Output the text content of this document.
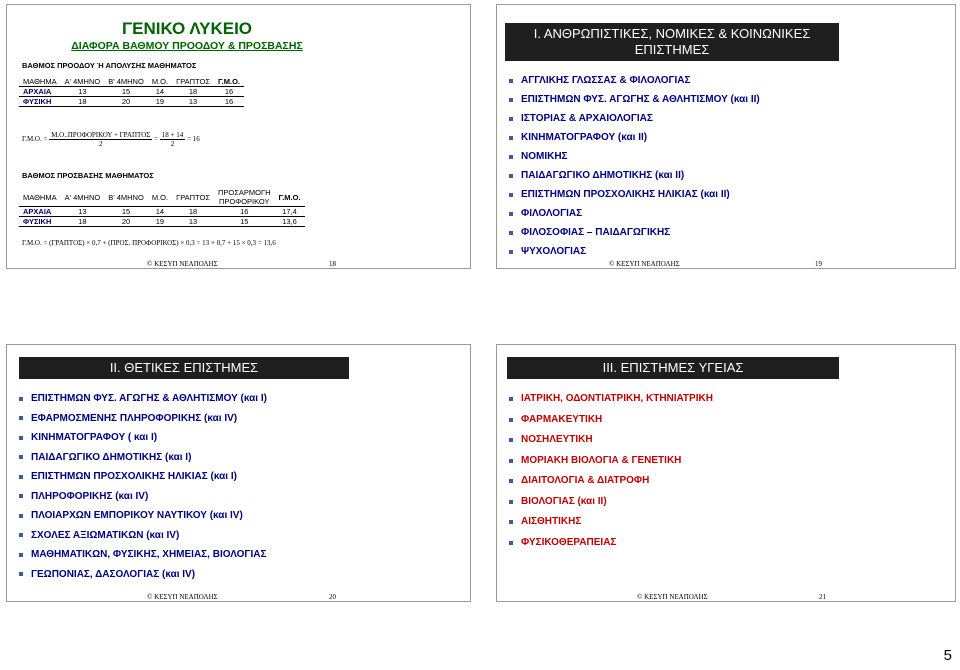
ΓΕΝΙΚΟ ΛΥΚΕΙΟ
ΔΙΑΦΟΡΑ ΒΑΘΜΟΥ ΠΡΟΟΔΟΥ & ΠΡΟΣΒΑΣΗΣ
ΒΑΘΜΟΣ ΠΡΟΟΔΟΥ Ή ΑΠΟΛΥΣΗΣ ΜΑΘΗΜΑΤΟΣ
ΜΑΘΗΜΑ	Α' 4ΜΗΝΟ	Β' 4ΜΗΝΟ	Μ.Ο.	ΓΡΑΠΤΟΣ	Γ.Μ.Ο.
ΑΡΧΑΙΑ	13	15	14	18	16
ΦΥΣΙΚΗ	18	20	19	13	16
Γ.Μ.Ο. = $\frac{\text{Μ.Ο..ΠΡΟΦΟΡΙΚΟΥ + ΓΡΑΠΤΟΣ}}{2} = \frac{18 + 14}{2} = 16$
ΒΑΘΜΟΣ ΠΡΟΣΒΑΣΗΣ ΜΑΘΗΜΑΤΟΣ
ΜΑΘΗΜΑ	Α' 4ΜΗΝΟ	Β' 4ΜΗΝΟ	Μ.Ο.	ΓΡΑΠΤΟΣ	ΠΡΟΣΑΡΜΟΓΗ ΠΡΟΦΟΡΙΚΟΥ	Γ.Μ.Ο.
ΑΡΧΑΙΑ	13	15	14	18	16	17,4
ΦΥΣΙΚΗ	18	20	19	13	15	13,6
Γ.Μ.Ο. = (ΓΡΑΠΤΟΣ) × 0,7 + (ΠΡΟΣ. ΠΡΟΦΟΡΙΚΟΣ) × 0,3 = 13 × 0,7 + 15 × 0,3 = 13,6
© ΚΕΣΥΠ ΝΕΑΠΟΛΗΣ	18
Ι. ΑΝΘΡΩΠΙΣΤΙΚΕΣ, ΝΟΜΙΚΕΣ & ΚΟΙΝΩΝΙΚΕΣ
ΕΠΙΣΤΗΜΕΣ
ΑΓΓΛΙΚΗΣ ΓΛΩΣΣΑΣ & ΦΙΛΟΛΟΓΙΑΣ
ΕΠΙΣΤΗΜΩΝ ΦΥΣ. ΑΓΩΓΗΣ & ΑΘΛΗΤΙΣΜΟΥ (και ΙΙ)
ΙΣΤΟΡΙΑΣ & ΑΡΧΑΙΟΛΟΓΙΑΣ
ΚΙΝΗΜΑΤΟΓΡΑΦΟΥ (και ΙΙ)
ΝΟΜΙΚΗΣ
ΠΑΙΔΑΓΩΓΙΚΟ ΔΗΜΟΤΙΚΗΣ (και ΙΙ)
ΕΠΙΣΤΗΜΩΝ ΠΡΟΣΧΟΛΙΚΗΣ ΗΛΙΚΙΑΣ (και ΙΙ)
ΦΙΛΟΛΟΓΙΑΣ
ΦΙΛΟΣΟΦΙΑΣ – ΠΑΙΔΑΓΩΓΙΚΗΣ
ΨΥΧΟΛΟΓΙΑΣ
© ΚΕΣΥΠ ΝΕΑΠΟΛΗΣ	19
ΙΙ. ΘΕΤΙΚΕΣ ΕΠΙΣΤΗΜΕΣ
ΕΠΙΣΤΗΜΩΝ ΦΥΣ. ΑΓΩΓΗΣ & ΑΘΛΗΤΙΣΜΟΥ (και Ι)
ΕΦΑΡΜΟΣΜΕΝΗΣ ΠΛΗΡΟΦΟΡΙΚΗΣ (και ΙV)
ΚΙΝΗΜΑΤΟΓΡΑΦΟΥ ( και Ι)
ΠΑΙΔΑΓΩΓΙΚΟ ΔΗΜΟΤΙΚΗΣ (και Ι)
ΕΠΙΣΤΗΜΩΝ ΠΡΟΣΧΟΛΙΚΗΣ ΗΛΙΚΙΑΣ (και Ι)
ΠΛΗΡΟΦΟΡΙΚΗΣ (και ΙV)
ΠΛΟΙΑΡΧΩΝ ΕΜΠΟΡΙΚΟΥ ΝΑΥΤΙΚΟΥ (και ΙV)
ΣΧΟΛΕΣ ΑΞΙΩΜΑΤΙΚΩΝ (και ΙV)
ΜΑΘΗΜΑΤΙΚΩΝ, ΦΥΣΙΚΗΣ, ΧΗΜΕΙΑΣ, ΒΙΟΛΟΓΙΑΣ
ΓΕΩΠΟΝΙΑΣ, ΔΑΣΟΛΟΓΙΑΣ (και ΙV)
© ΚΕΣΥΠ ΝΕΑΠΟΛΗΣ	20
ΙΙΙ. ΕΠΙΣΤΗΜΕΣ ΥΓΕΙΑΣ
ΙΑΤΡΙΚΗ, ΟΔΟΝΤΙΑΤΡΙΚΗ, ΚΤΗΝΙΑΤΡΙΚΗ
ΦΑΡΜΑΚΕΥΤΙΚΗ
ΝΟΣΗΛΕΥΤΙΚΗ
ΜΟΡΙΑΚΗ ΒΙΟΛΟΓΙΑ & ΓΕΝΕΤΙΚΗ
ΔΙΑΙΤΟΛΟΓΙΑ & ΔΙΑΤΡΟΦΗ
ΒΙΟΛΟΓΙΑΣ (και ΙΙ)
ΑΙΣΘΗΤΙΚΗΣ
ΦΥΣΙΚΟΘΕΡΑΠΕΙΑΣ
© ΚΕΣΥΠ ΝΕΑΠΟΛΗΣ	21
5
